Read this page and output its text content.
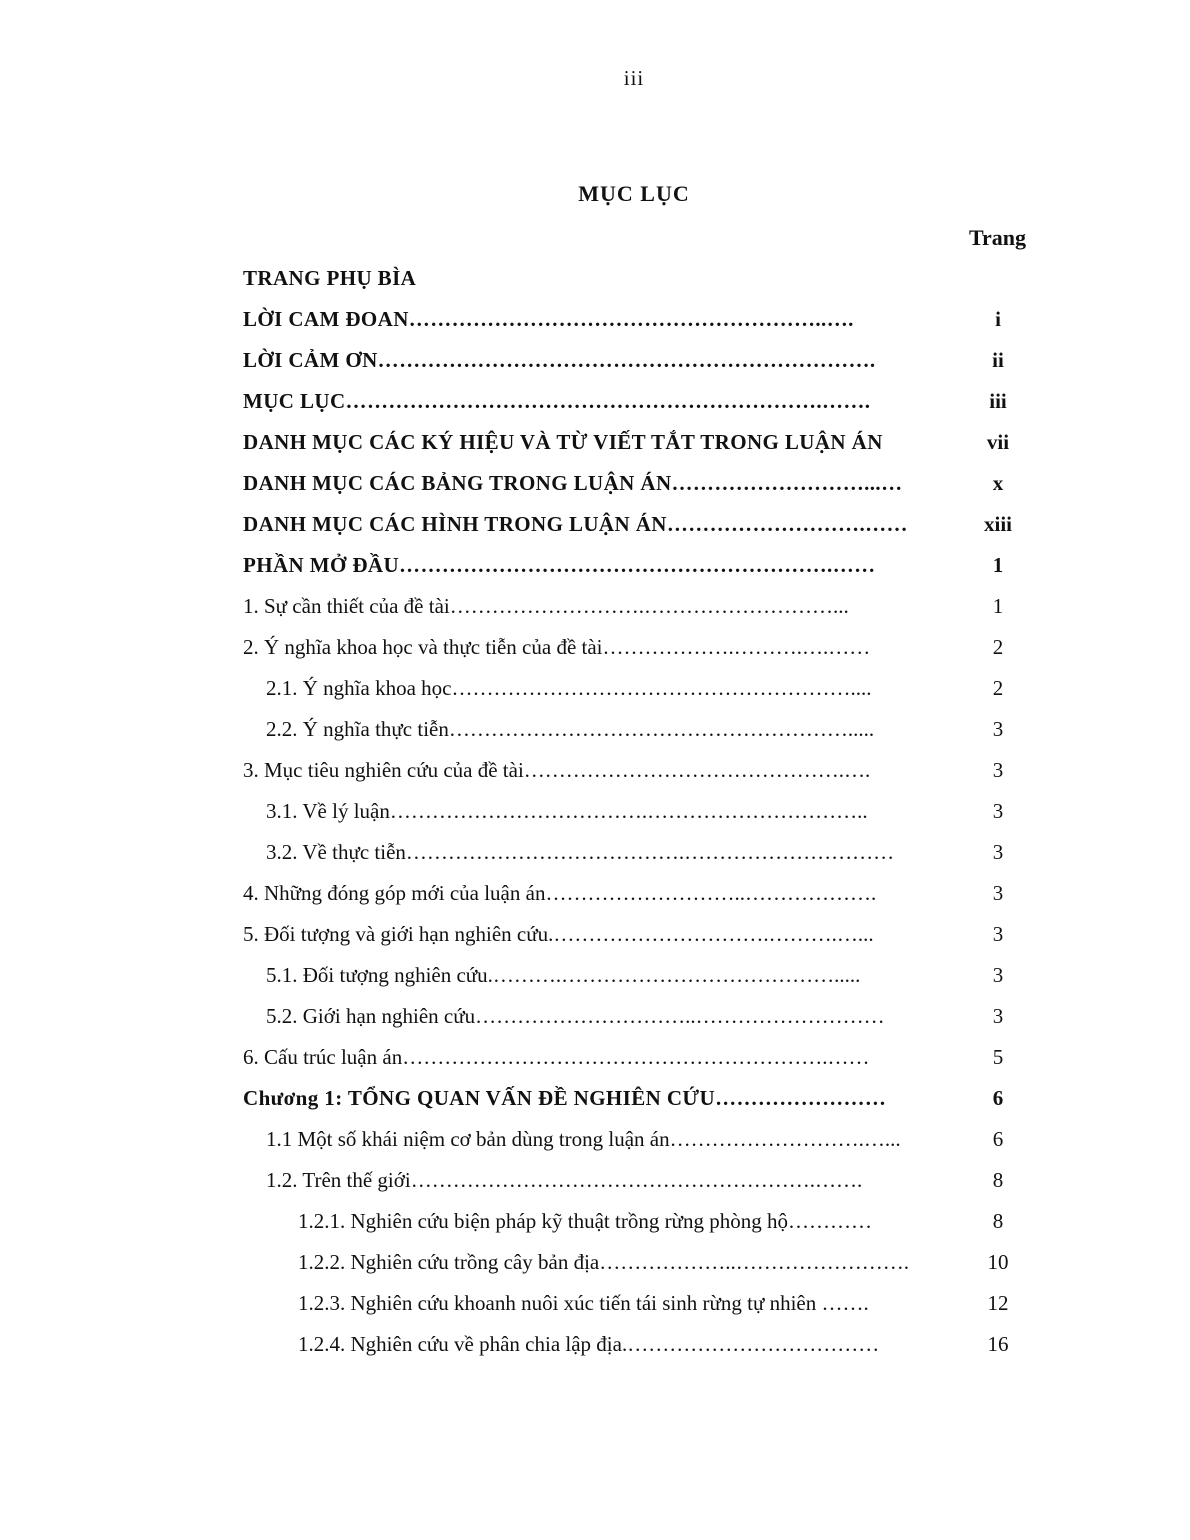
iii
MỤC LỤC
Trang
TRANG PHỤ BÌA
LỜI CAM ĐOAN…………………………………………………..….	i
LỜI CẢM ƠN…………………………………………………………….	ii
MỤC LỤC………………………………………………………….…….	iii
DANH MỤC CÁC KÝ HIỆU VÀ TỪ VIẾT TẮT TRONG LUẬN ÁN	vii
DANH MỤC CÁC BẢNG TRONG LUẬN ÁN………………………...…	x
DANH MỤC CÁC HÌNH TRONG LUẬN ÁN……………………….……	xiii
PHẦN MỞ ĐẦU…………………………………………………….……	1
1. Sự cần thiết của đề tài……………………….………………………...	1
2. Ý nghĩa khoa học và thực tiễn của đề tài……………….……….….……	2
2.1. Ý nghĩa khoa học…………………………………………………....	2
2.2. Ý nghĩa thực tiễn………………………………………………….....	3
3. Mục tiêu nghiên cứu của đề tài……………………………………….….	3
3.1. Về lý luận……………………………….…………………………..	3
3.2. Về thực tiễn………………………………….…………………………	3
4. Những đóng góp mới của luận án………………………..……………….	3
5. Đối tượng và giới hạn nghiên cứu.………………………….……….…...	3
5.1. Đối tượng nghiên cứu.……….………………………………….....	3
5.2. Giới hạn nghiên cứu…………………………..………………………	3
6. Cấu trúc luận án…………………………………………………….……	5
Chương 1: TỔNG QUAN VẤN ĐỀ NGHIÊN CỨU……………………	6
1.1 Một số khái niệm cơ bản dùng trong luận án……………………….…...	6
1.2. Trên thế giới………………………………………………….…….	8
1.2.1. Nghiên cứu biện pháp kỹ thuật trồng rừng phòng hộ…………	8
1.2.2. Nghiên cứu trồng cây bản địa………………..…………………….	10
1.2.3. Nghiên cứu khoanh nuôi xúc tiến tái sinh rừng tự nhiên …….	12
1.2.4. Nghiên cứu về phân chia lập địa.………………………………	16
